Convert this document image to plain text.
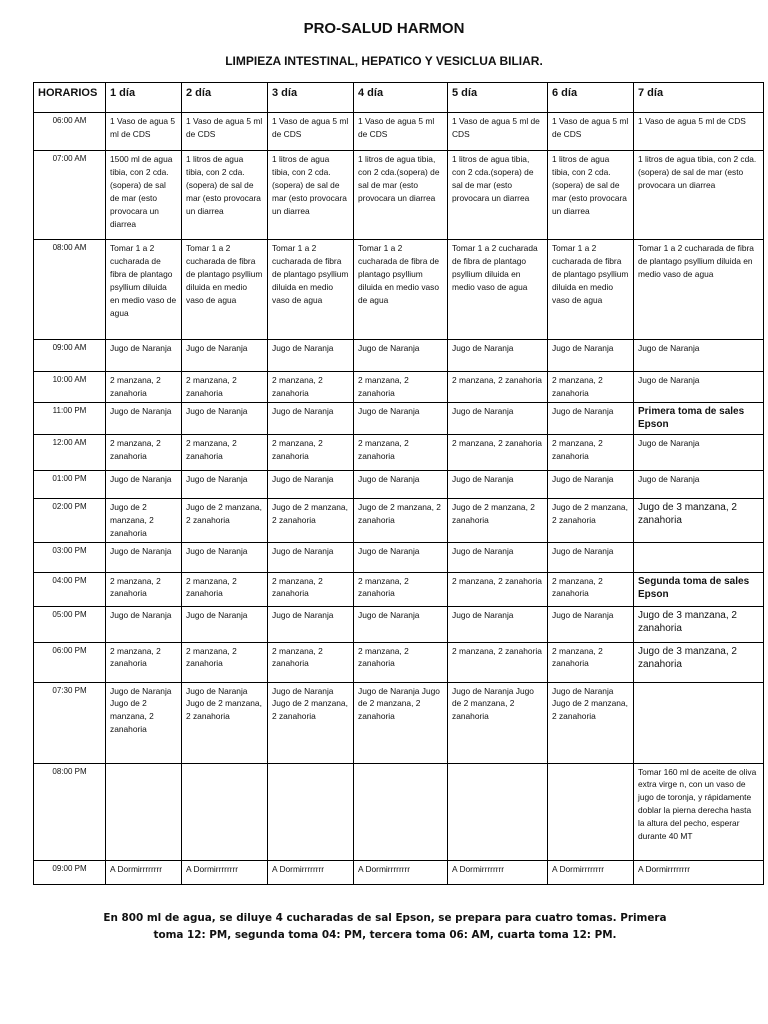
PRO-SALUD HARMON
LIMPIEZA INTESTINAL, HEPATICO Y VESICLUA BILIAR.
HORARIOS	1 día	2 día	3 día	4 día	5 día	6 día	7 día
06:00 AM	1 Vaso de agua 5 ml de CDS	1 Vaso de agua 5 ml de CDS	1 Vaso de agua 5 ml de CDS	1 Vaso de agua 5 ml de CDS	1 Vaso de agua 5 ml de CDS	1 Vaso de agua 5 ml de CDS	1 Vaso de agua 5 ml de CDS
07:00 AM	1500 ml de agua tibia, con 2 cda.(sopera) de sal de mar (esto provocara un diarrea	1 litros de agua tibia, con 2 cda.(sopera) de sal de mar (esto provocara un diarrea	1 litros de agua tibia, con 2 cda.(sopera) de sal de mar (esto provocara un diarrea	1 litros de agua tibia, con 2 cda.(sopera) de sal de mar (esto provocara un diarrea	1 litros de agua tibia, con 2 cda.(sopera) de sal de mar (esto provocara un diarrea	1 litros de agua tibia, con 2 cda.(sopera) de sal de mar (esto provocara un diarrea	1 litros de agua tibia, con 2 cda.(sopera) de sal de mar (esto provocara un diarrea
08:00 AM	Tomar 1 a 2 cucharada de fibra de plantago psyllium diluida en medio vaso de agua	Tomar 1 a 2 cucharada de fibra de plantago psyllium diluida en medio vaso de agua	Tomar 1 a 2 cucharada de fibra de plantago psyllium diluida en medio vaso de agua	Tomar 1 a 2 cucharada de fibra de plantago psyllium diluida en medio vaso de agua	Tomar 1 a 2 cucharada de fibra de plantago psyllium diluida en medio vaso de agua	Tomar 1 a 2 cucharada de fibra de plantago psyllium diluida en medio vaso de agua	Tomar 1 a 2 cucharada de fibra de plantago psyllium diluida en medio vaso de agua
09:00 AM	Jugo de Naranja	Jugo de Naranja	Jugo de Naranja	Jugo de Naranja	Jugo de Naranja	Jugo de Naranja	Jugo de Naranja
10:00 AM	2 manzana, 2 zanahoria	2 manzana, 2 zanahoria	2 manzana, 2 zanahoria	2 manzana, 2 zanahoria	2 manzana, 2 zanahoria	2 manzana, 2 zanahoria	Jugo de Naranja
11:00 PM	Jugo de Naranja	Jugo de Naranja	Jugo de Naranja	Jugo de Naranja	Jugo de Naranja	Jugo de Naranja	Primera toma de sales Epson
12:00 AM	2 manzana, 2 zanahoria	2 manzana, 2 zanahoria	2 manzana, 2 zanahoria	2 manzana, 2 zanahoria	2 manzana, 2 zanahoria	2 manzana, 2 zanahoria	Jugo de Naranja
01:00 PM	Jugo de Naranja	Jugo de Naranja	Jugo de Naranja	Jugo de Naranja	Jugo de Naranja	Jugo de Naranja	Jugo de Naranja
02:00 PM	Jugo de 2 manzana, 2 zanahoria	Jugo de 2 manzana, 2 zanahoria	Jugo de 2 manzana, 2 zanahoria	Jugo de 2 manzana, 2 zanahoria	Jugo de 2 manzana, 2 zanahoria	Jugo de 2 manzana, 2 zanahoria	Jugo de 3 manzana, 2 zanahoria
03:00 PM	Jugo de Naranja	Jugo de Naranja	Jugo de Naranja	Jugo de Naranja	Jugo de Naranja	Jugo de Naranja	
04:00 PM	2 manzana, 2 zanahoria	2 manzana, 2 zanahoria	2 manzana, 2 zanahoria	2 manzana, 2 zanahoria	2 manzana, 2 zanahoria	2 manzana, 2 zanahoria	Segunda toma de sales Epson
05:00 PM	Jugo de Naranja	Jugo de Naranja	Jugo de Naranja	Jugo de Naranja	Jugo de Naranja	Jugo de Naranja	Jugo de 3 manzana, 2 zanahoria
06:00 PM	2 manzana, 2 zanahoria	2 manzana, 2 zanahoria	2 manzana, 2 zanahoria	2 manzana, 2 zanahoria	2 manzana, 2 zanahoria	2 manzana, 2 zanahoria	Jugo de 3 manzana, 2 zanahoria
07:30 PM	Jugo de Naranja Jugo de 2 manzana, 2 zanahoria	Jugo de Naranja Jugo de 2 manzana, 2 zanahoria	Jugo de Naranja Jugo de 2 manzana, 2 zanahoria	Jugo de Naranja Jugo de 2 manzana, 2 zanahoria	Jugo de Naranja Jugo de 2 manzana, 2 zanahoria	Jugo de Naranja Jugo de 2 manzana, 2 zanahoria	
08:00 PM							Tomar 160 ml de aceite de oliva extra virge n, con un vaso de jugo de toronja, y rápidamente doblar la pierna derecha hasta la altura del pecho, esperar durante 40 MT
09:00 PM	A Dormirrrrrrrr	A Dormirrrrrrrr	A Dormirrrrrrrr	A Dormirrrrrrrr	A Dormirrrrrrrr	A Dormirrrrrrrr	A Dormirrrrrrrr
En 800 ml de agua, se diluye 4 cucharadas de sal Epson, se prepara para cuatro tomas. Primera
toma 12: PM, segunda toma 04: PM, tercera toma 06: AM, cuarta toma 12: PM.
